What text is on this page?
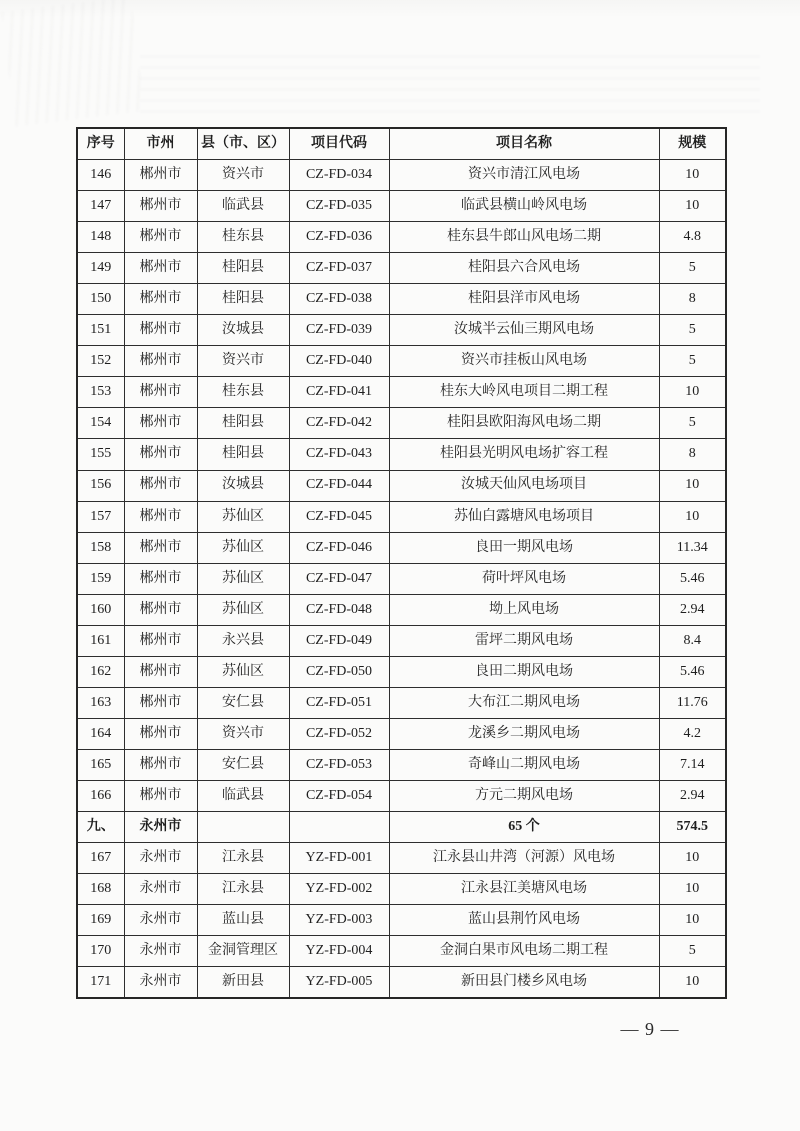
序号	市州	县（市、区）	项目代码	项目名称	规模
146	郴州市	资兴市	CZ-FD-034	资兴市清江风电场	10
147	郴州市	临武县	CZ-FD-035	临武县横山岭风电场	10
148	郴州市	桂东县	CZ-FD-036	桂东县牛郎山风电场二期	4.8
149	郴州市	桂阳县	CZ-FD-037	桂阳县六合风电场	5
150	郴州市	桂阳县	CZ-FD-038	桂阳县洋市风电场	8
151	郴州市	汝城县	CZ-FD-039	汝城半云仙三期风电场	5
152	郴州市	资兴市	CZ-FD-040	资兴市挂板山风电场	5
153	郴州市	桂东县	CZ-FD-041	桂东大岭风电项目二期工程	10
154	郴州市	桂阳县	CZ-FD-042	桂阳县欧阳海风电场二期	5
155	郴州市	桂阳县	CZ-FD-043	桂阳县光明风电场扩容工程	8
156	郴州市	汝城县	CZ-FD-044	汝城天仙风电场项目	10
157	郴州市	苏仙区	CZ-FD-045	苏仙白露塘风电场项目	10
158	郴州市	苏仙区	CZ-FD-046	良田一期风电场	11.34
159	郴州市	苏仙区	CZ-FD-047	荷叶坪风电场	5.46
160	郴州市	苏仙区	CZ-FD-048	坳上风电场	2.94
161	郴州市	永兴县	CZ-FD-049	雷坪二期风电场	8.4
162	郴州市	苏仙区	CZ-FD-050	良田二期风电场	5.46
163	郴州市	安仁县	CZ-FD-051	大布江二期风电场	11.76
164	郴州市	资兴市	CZ-FD-052	龙溪乡二期风电场	4.2
165	郴州市	安仁县	CZ-FD-053	奇峰山二期风电场	7.14
166	郴州市	临武县	CZ-FD-054	方元二期风电场	2.94
九、	永州市			65 个	574.5
167	永州市	江永县	YZ-FD-001	江永县山井湾（河源）风电场	10
168	永州市	江永县	YZ-FD-002	江永县江美塘风电场	10
169	永州市	蓝山县	YZ-FD-003	蓝山县荆竹风电场	10
170	永州市	金洞管理区	YZ-FD-004	金洞白果市风电场二期工程	5
171	永州市	新田县	YZ-FD-005	新田县门楼乡风电场	10
— 9 —
